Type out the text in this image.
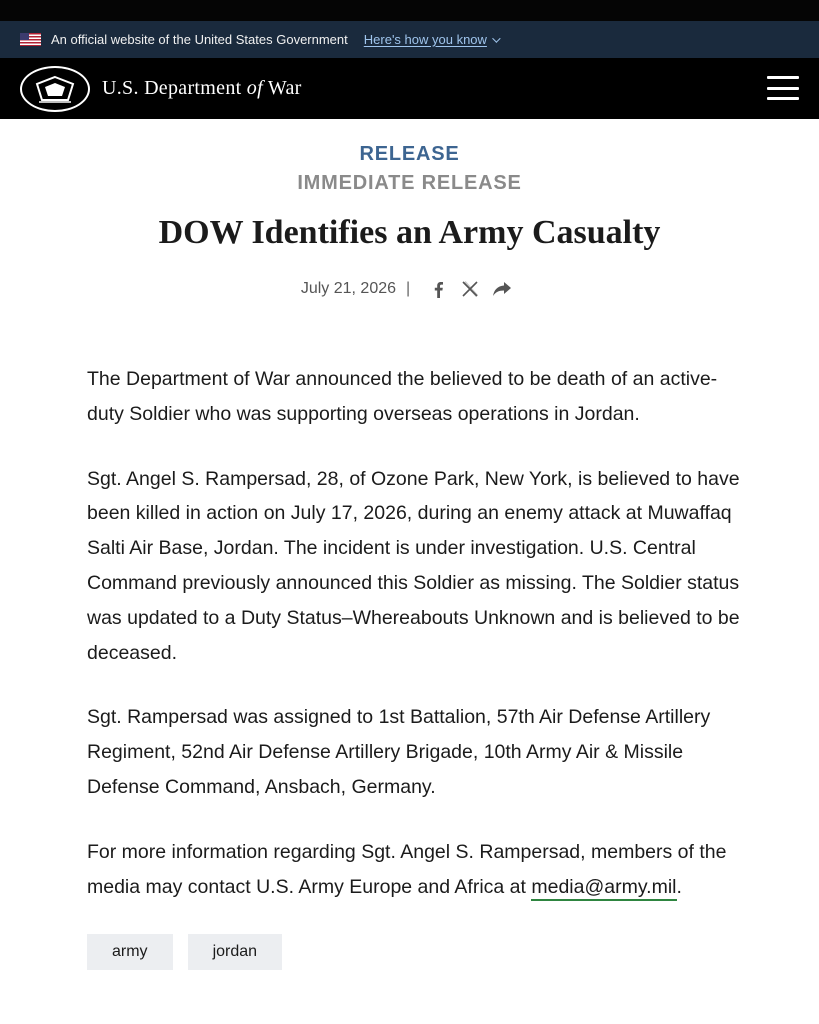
An official website of the United States Government Here's how you know
U.S. Department of War
RELEASE
IMMEDIATE RELEASE
DOW Identifies an Army Casualty
July 21, 2026 |

The Department of War announced the believed to be death of an active-duty Soldier who was supporting overseas operations in Jordan.

Sgt. Angel S. Rampersad, 28, of Ozone Park, New York, is believed to have been killed in action on July 17, 2026, during an enemy attack at Muwaffaq Salti Air Base, Jordan. The incident is under investigation. U.S. Central Command previously announced this Soldier as missing. The Soldier status was updated to a Duty Status–Whereabouts Unknown and is believed to be deceased.

Sgt. Rampersad was assigned to 1st Battalion, 57th Air Defense Artillery Regiment, 52nd Air Defense Artillery Brigade, 10th Army Air & Missile Defense Command, Ansbach, Germany.

For more information regarding Sgt. Angel S. Rampersad, members of the media may contact U.S. Army Europe and Africa at media@army.mil.

army	jordan
